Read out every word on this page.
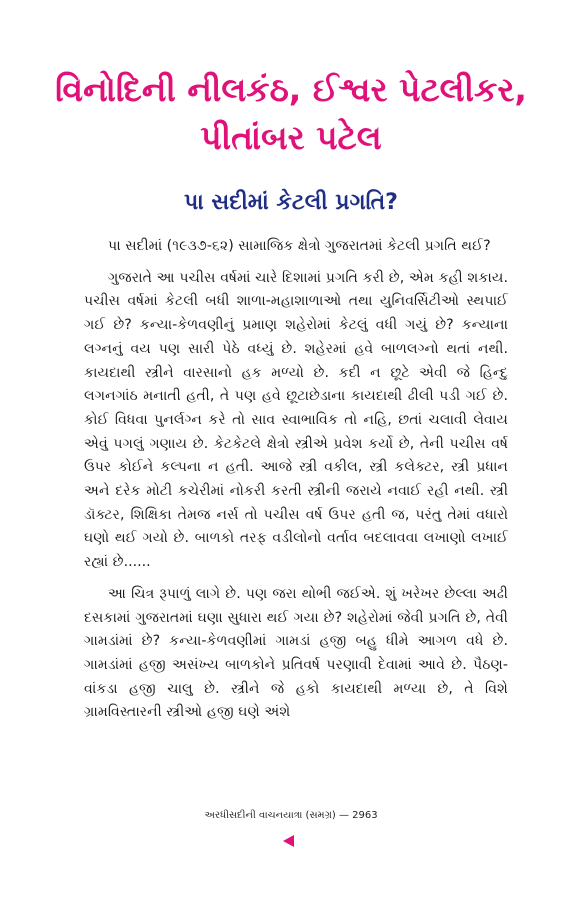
વિનોદિની નીલકંઠ, ઈશ્વર પેટલીકર,
પીતાંબર પટેલ
પા સદીમાં કેટલી પ્રગતિ?

પા સદીમાં (૧૯૩૭-૬૨) સામાજિક ક્ષેત્રો ગુજરાતમાં કેટલી પ્રગતિ થઈ?

ગુજરાતે આ પચીસ વર્ષમાં ચારે દિશામાં પ્રગતિ કરી છે, એમ કહી શકાય. પચીસ વર્ષમાં કેટલી બધી શાળા-મહાશાળાઓ તથા યુનિવર્સિટીઓ સ્થપાઈ ગઈ છે? કન્યા-કેળવણીનું પ્રમાણ શહેરોમાં કેટલું વધી ગયું છે? કન્યાના લગ્નનું વય પણ સારી પેઠે વધ્યું છે. શહેરમાં હવે બાળલગ્નો થતાં નથી. કાયદાથી સ્ત્રીને વારસાનો હક મળ્યો છે. કદી ન છૂટે એવી જે હિન્દુ લગનગાંઠ મનાતી હતી, તે પણ હવે છૂટાછેડાના કાયદાથી ઢીલી પડી ગઈ છે. કોઈ વિધવા પુનર્લગ્ન કરે તો સાવ સ્વાભાવિક તો નહિ, છતાં ચલાવી લેવાય એવું પગલું ગણાય છે. કેટકેટલે ક્ષેત્રો સ્ત્રીએ પ્રવેશ કર્યો છે, તેની પચીસ વર્ષ ઉપર કોઈને કલ્પના ન હતી. આજે સ્ત્રી વકીલ, સ્ત્રી કલેક્ટર, સ્ત્રી પ્રધાન અને દરેક મોટી કચેરીમાં નોકરી કરતી સ્ત્રીની જરાયે નવાઈ રહી નથી. સ્ત્રી ડૉક્ટર, શિક્ષિકા તેમજ નર્સ તો પચીસ વર્ષ ઉપર હતી જ, પરંતુ તેમાં વધારો ઘણો થઈ ગયો છે. બાળકો તરફ વડીલોનો વર્તાવ બદલાવવા લખાણો લખાઈ રહ્યાં છે......

આ ચિત્ર રૂપાળું લાગે છે. પણ જરા થોભી જઈએ. શું ખરેખર છેલ્લા અઢી દસકામાં ગુજરાતમાં ઘણા સુધારા થઈ ગયા છે? શહેરોમાં જેવી પ્રગતિ છે, તેવી ગામડાંમાં છે? કન્યા-કેળવણીમાં ગામડાં હજી બહુ ધીમે આગળ વધે છે. ગામડાંમાં હજી અસંખ્ય બાળકોને પ્રતિવર્ષ પરણાવી દેવામાં આવે છે. પૈઠણ-વાંકડા હજી ચાલુ છે. સ્ત્રીને જે હકો કાયદાથી મળ્યા છે, તે વિશે ગ્રામવિસ્તારની સ્ત્રીઓ હજી ઘણે અંશે

અરધીસદીની વાચનયાત્રા (સમગ્ર) — 2963
